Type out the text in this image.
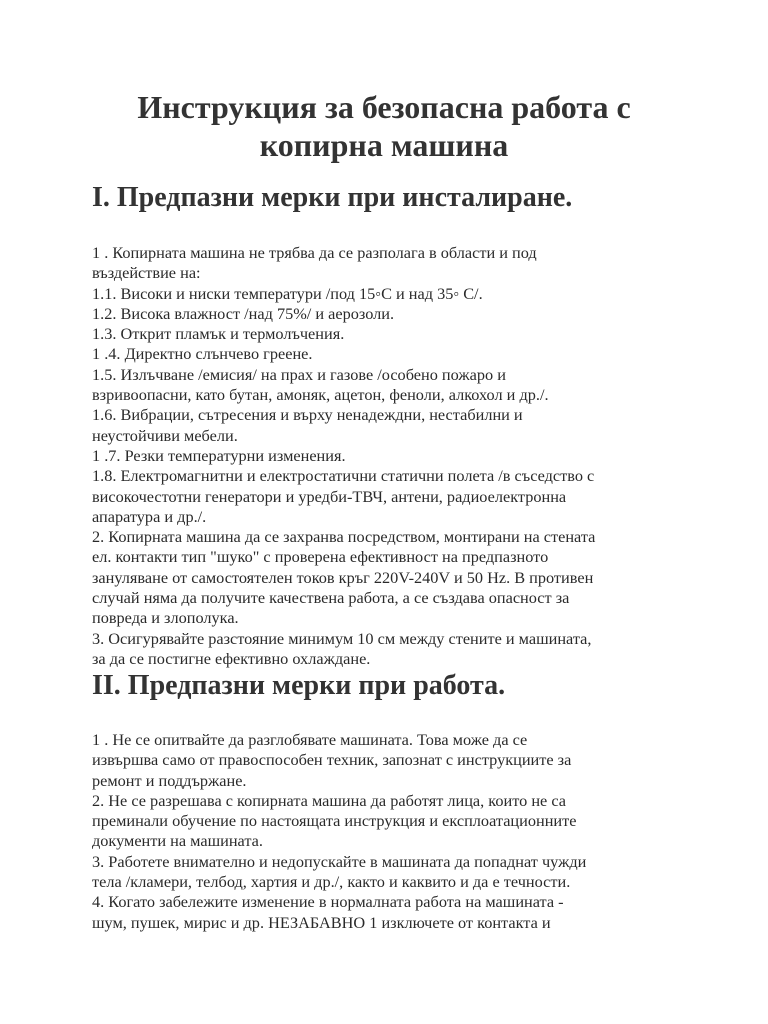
Инструкция за безопасна работа с
копирна машина
I. Предпазни мерки при инсталиране.
1 . Копирната машина не трябва да се разполага в области и под
въздействие на:
1.1. Високи и ниски температури /под 15◦С и над 35◦ С/.
1.2. Висока влажност /над 75%/ и аерозоли.
1.3. Открит пламък и термолъчения.
1 .4. Директно слънчево греене.
1.5. Излъчване /емисия/ на прах и газове /особено пожаро и
взривоопасни, като бутан, амоняк, ацетон, феноли, алкохол и др./.
1.6. Вибрации, сътресения и върху ненадеждни, нестабилни и
неустойчиви мебели.
1 .7. Резки температурни изменения.
1.8. Електромагнитни и електростатични статични полета /в съседство с
високочестотни генератори и уредби-ТВЧ, антени, радиоелектронна
апаратура и др./.
2. Копирната машина да се захранва посредством, монтирани на стената
ел. контакти тип "шуко" с проверена ефективност на предпазното
зануляване от самостоятелен токов кръг 220V-240V и 50 Hz. В противен
случай няма да получите качествена работа, а се създава опасност за
повреда и злополука.
3. Осигурявайте разстояние минимум 10 см между стените и машината,
за да се постигне ефективно охлаждане.
II. Предпазни мерки при работа.
1 . Не се опитвайте да разглобявате машината. Това може да се
извършва само от правоспособен техник, запознат с инструкциите за
ремонт и поддържане.
2. Не се разрешава с копирната машина да работят лица, които не са
преминали обучение по настоящата инструкция и експлоатационните
документи на машината.
3. Работете внимателно и недопускайте в машината да попаднат чужди
тела /кламери, телбод, хартия и др./, както и каквито и да е течности.
4. Когато забележите изменение в нормалната работа на машината -
шум, пушек, мирис и др. НЕЗАБАВНО 1 изключете от контакта и
